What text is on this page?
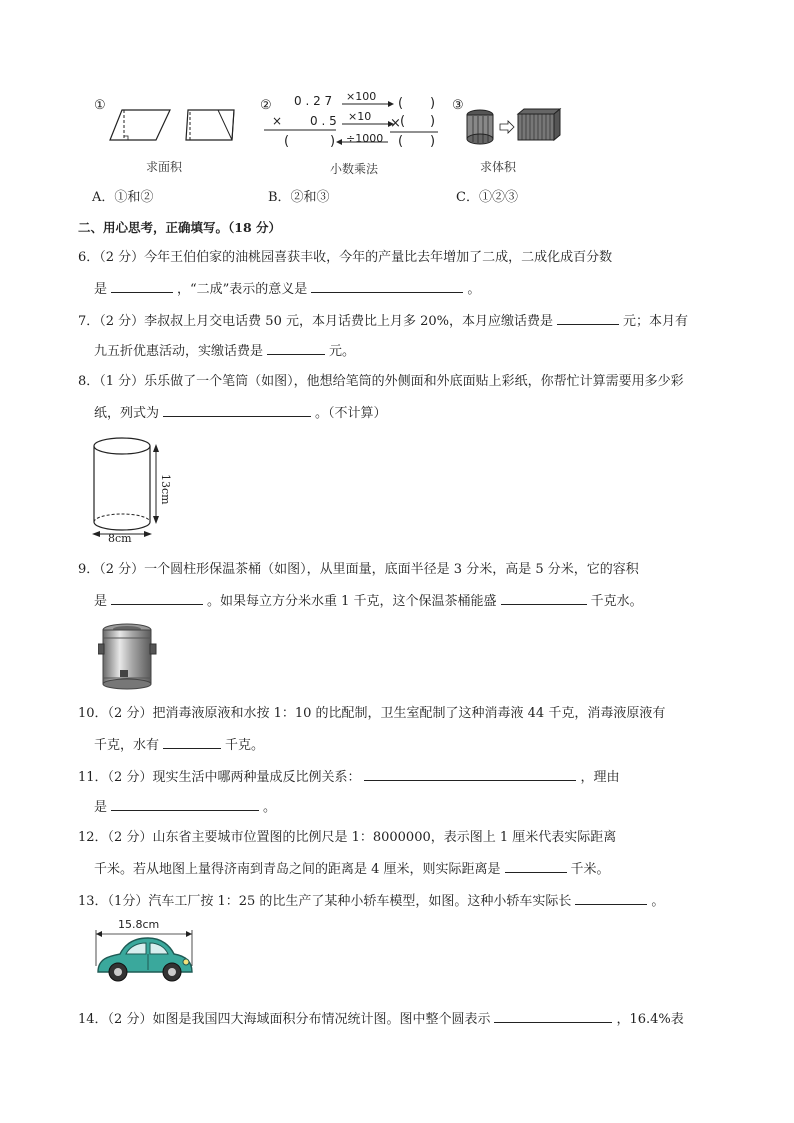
①
求面积
② 0 . 2 7
× 0 . 5
×100
×10
÷1000
( )
× ( )
(	)	( )
小数乘法
③
求体积
A．①和②	B．②和③	C．①②③
二、用心思考，正确填写。（18 分）
6．（2 分）今年王伯伯家的油桃园喜获丰收，今年的产量比去年增加了二成，二成化成百分数
是	，“二成”表示的意义是	。
7．（2 分）李叔叔上月交电话费 50 元，本月话费比上月多 20%，本月应缴话费是	元；本月有
九五折优惠活动，实缴话费是	元。
8．（1 分）乐乐做了一个笔筒（如图），他想给笔筒的外侧面和外底面贴上彩纸，你帮忙计算需要用多少彩
纸，列式为	。（不计算）
13cm
8cm
9．（2 分）一个圆柱形保温茶桶（如图），从里面量，底面半径是 3 分米，高是 5 分米，它的容积
是	。如果每立方分米水重 1 千克，这个保温茶桶能盛	千克水。
10．（2 分）把消毒液原液和水按 1：10 的比配制，卫生室配制了这种消毒液 44 千克，消毒液原液有
千克，水有	千克。
11．（2 分）现实生活中哪两种量成反比例关系：	，理由
是	。
12．（2 分）山东省主要城市位置图的比例尺是 1：8000000，表示图上 1 厘米代表实际距离
千米。若从地图上量得济南到青岛之间的距离是 4 厘米，则实际距离是	千米。
13．（1分）汽车工厂按 1：25 的比生产了某种小轿车模型，如图。这种小轿车实际长	。
15.8cm
14．（2 分）如图是我国四大海域面积分布情况统计图。图中整个圆表示	，16.4%表
